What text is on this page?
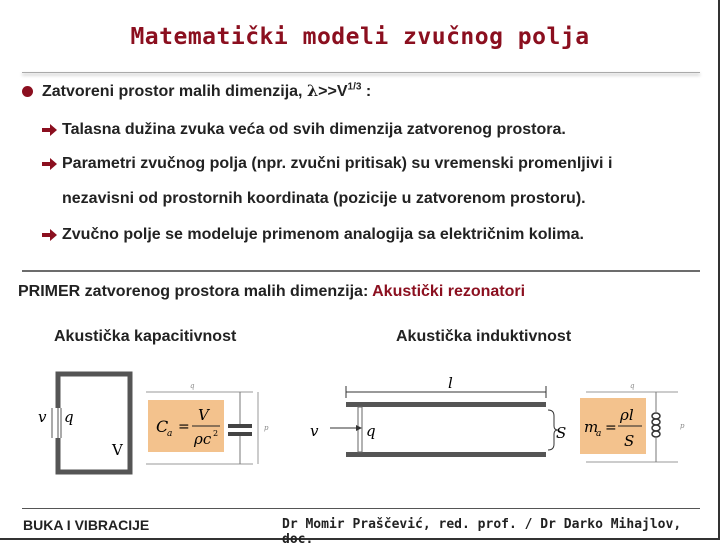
Matematički modeli zvučnog polja
Zatvoreni prostor malih dimenzija, $\lambda>>V^{1/3}$ :
Talasna dužina zvuka veća od svih dimenzija zatvorenog prostora.
Parametri zvučnog polja (npr. zvučni pritisak) su vremenski promenljivi i
nezavisni od prostornih koordinata (pozicije u zatvorenom prostoru).
Zvučno polje se modeluje primenom analogija sa električnim kolima.
PRIMER zatvorenog prostora malih dimenzija: Akustički rezonatori
Akustička kapacitivnost	Akustička induktivnost
v q
V
q
p
C
a =
V
ρc 2
l
v	q	S
q
p
m
a =
ρl
S
BUKA I VIBRACIJE	Dr Momir Praščević, red. prof. / Dr Darko Mihajlov, doc.
